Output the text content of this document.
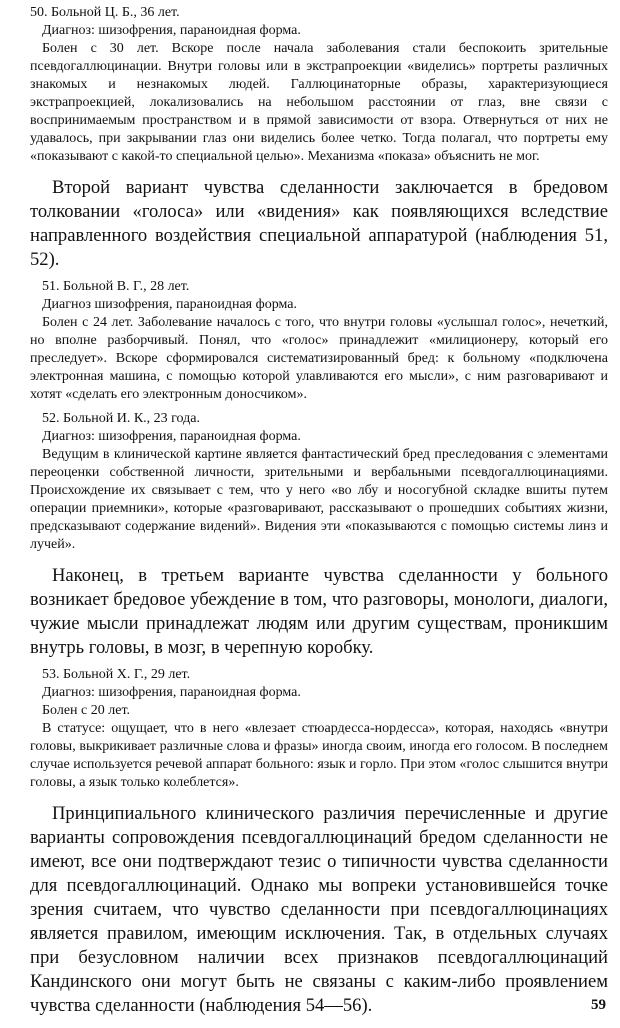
50. Больной Ц. Б., 36 лет.

Диагноз: шизофрения, параноидная форма.

Болен с 30 лет. Вскоре после начала заболевания стали беспокоить зрительные псевдогаллюцинации. Внутри головы или в экстрапроекции «виделись» портреты различных знакомых и незнакомых людей. Галлюцинаторные образы, характеризующиеся экстрапроекцией, локализовались на небольшом расстоянии от глаз, вне связи с воспринимаемым пространством и в прямой зависимости от взора. Отвернуться от них не удавалось, при закрывании глаз они виделись более четко. Тогда полагал, что портреты ему «показывают с какой-то специальной целью». Механизма «показа» объяснить не мог.

Второй вариант чувства сделанности заключается в бредовом толковании «голоса» или «видения» как появляющихся вследствие направленного воздействия специальной аппаратурой (наблюдения 51, 52).

51. Больной В. Г., 28 лет.

Диагноз шизофрения, параноидная форма.

Болен с 24 лет. Заболевание началось с того, что внутри головы «услышал голос», нечеткий, но вполне разборчивый. Понял, что «голос» принадлежит «милиционеру, который его преследует». Вскоре сформировался систематизированный бред: к больному «подключена электронная машина, с помощью которой улавливаются его мысли», с ним разговаривают и хотят «сделать его электронным доносчиком».

52. Больной И. К., 23 года.

Диагноз: шизофрения, параноидная форма.

Ведущим в клинической картине является фантастический бред преследования с элементами переоценки собственной личности, зрительными и вербальными псевдогаллюцинациями. Происхождение их связывает с тем, что у него «во лбу и носогубной складке вшиты путем операции приемники», которые «разговаривают, рассказывают о прошедших событиях жизни, предсказывают содержание видений». Видения эти «показываются с помощью системы линз и лучей».

Наконец, в третьем варианте чувства сделанности у больного возникает бредовое убеждение в том, что разговоры, монологи, диалоги, чужие мысли принадлежат людям или другим существам, проникшим внутрь головы, в мозг, в черепную коробку.

53. Больной Х. Г., 29 лет.

Диагноз: шизофрения, параноидная форма.

Болен с 20 лет.

В статусе: ощущает, что в него «влезает стюардесса-нордесса», которая, находясь «внутри головы, выкрикивает различные слова и фразы» иногда своим, иногда его голосом. В последнем случае используется речевой аппарат больного: язык и горло. При этом «голос слышится внутри головы, а язык только колеблется».

Принципиального клинического различия перечисленные и другие варианты сопровождения псевдогаллюцинаций бредом сделанности не имеют, все они подтверждают тезис о типичности чувства сделанности для псевдогаллюцинаций. Однако мы вопреки установившейся точке зрения считаем, что чувство сделанности при псевдогаллюцинациях является правилом, имеющим исключения. Так, в отдельных случаях при безусловном наличии всех признаков псевдогаллюцинаций Кандинского они могут быть не связаны с каким-либо проявлением чувства сделанности (наблюдения 54—56).	59
